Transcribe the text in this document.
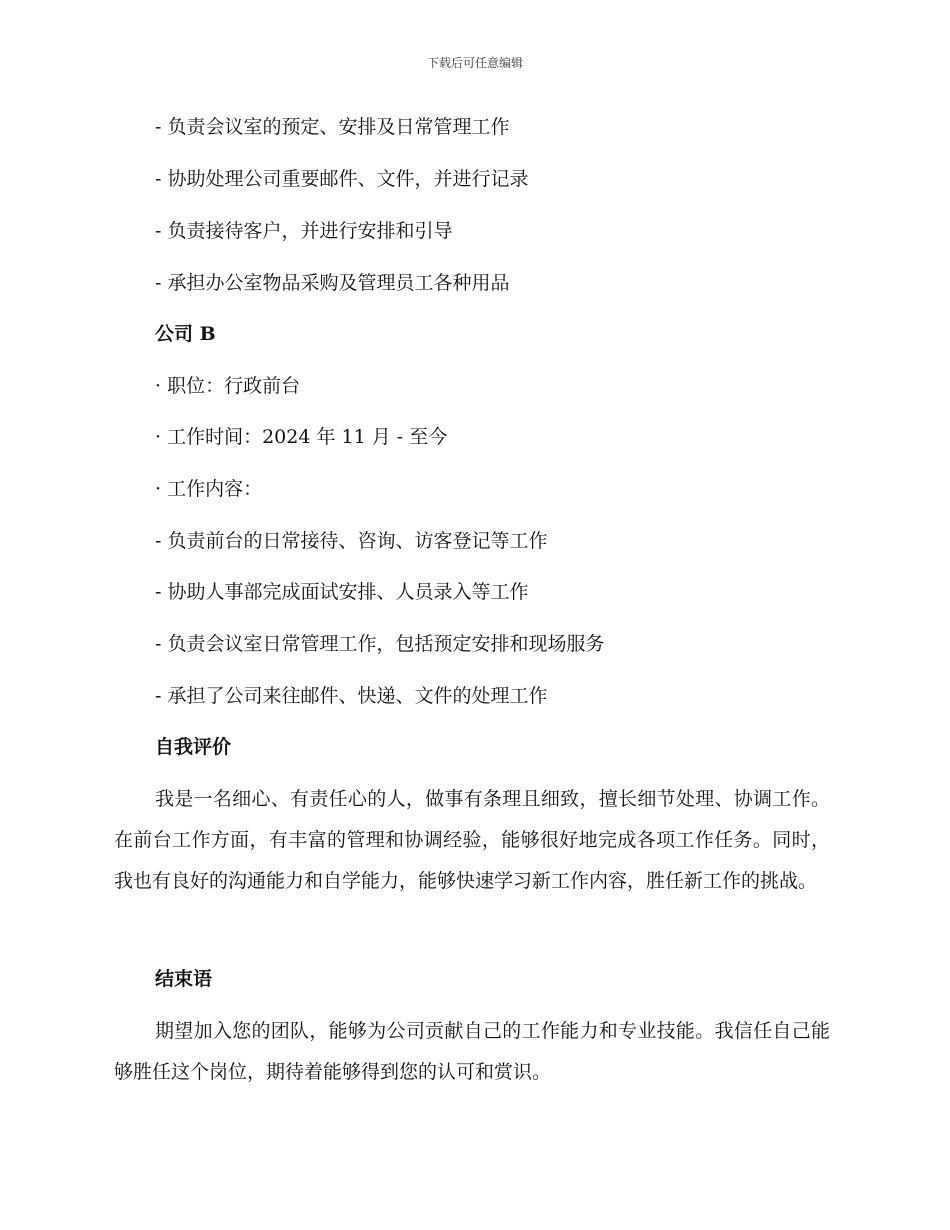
下载后可任意编辑
- 负责会议室的预定、安排及日常管理工作
- 协助处理公司重要邮件、文件，并进行记录
- 负责接待客户，并进行安排和引导
- 承担办公室物品采购及管理员工各种用品
公司 B
· 职位：行政前台
· 工作时间：2024 年 11 月 - 至今
· 工作内容：
- 负责前台的日常接待、咨询、访客登记等工作
- 协助人事部完成面试安排、人员录入等工作
- 负责会议室日常管理工作，包括预定安排和现场服务
- 承担了公司来往邮件、快递、文件的处理工作
自我评价
我是一名细心、有责任心的人，做事有条理且细致，擅长细节处理、协调工作。在前台工作方面，有丰富的管理和协调经验，能够很好地完成各项工作任务。同时，我也有良好的沟通能力和自学能力，能够快速学习新工作内容，胜任新工作的挑战。
结束语
期望加入您的团队，能够为公司贡献自己的工作能力和专业技能。我信任自己能够胜任这个岗位，期待着能够得到您的认可和赏识。
